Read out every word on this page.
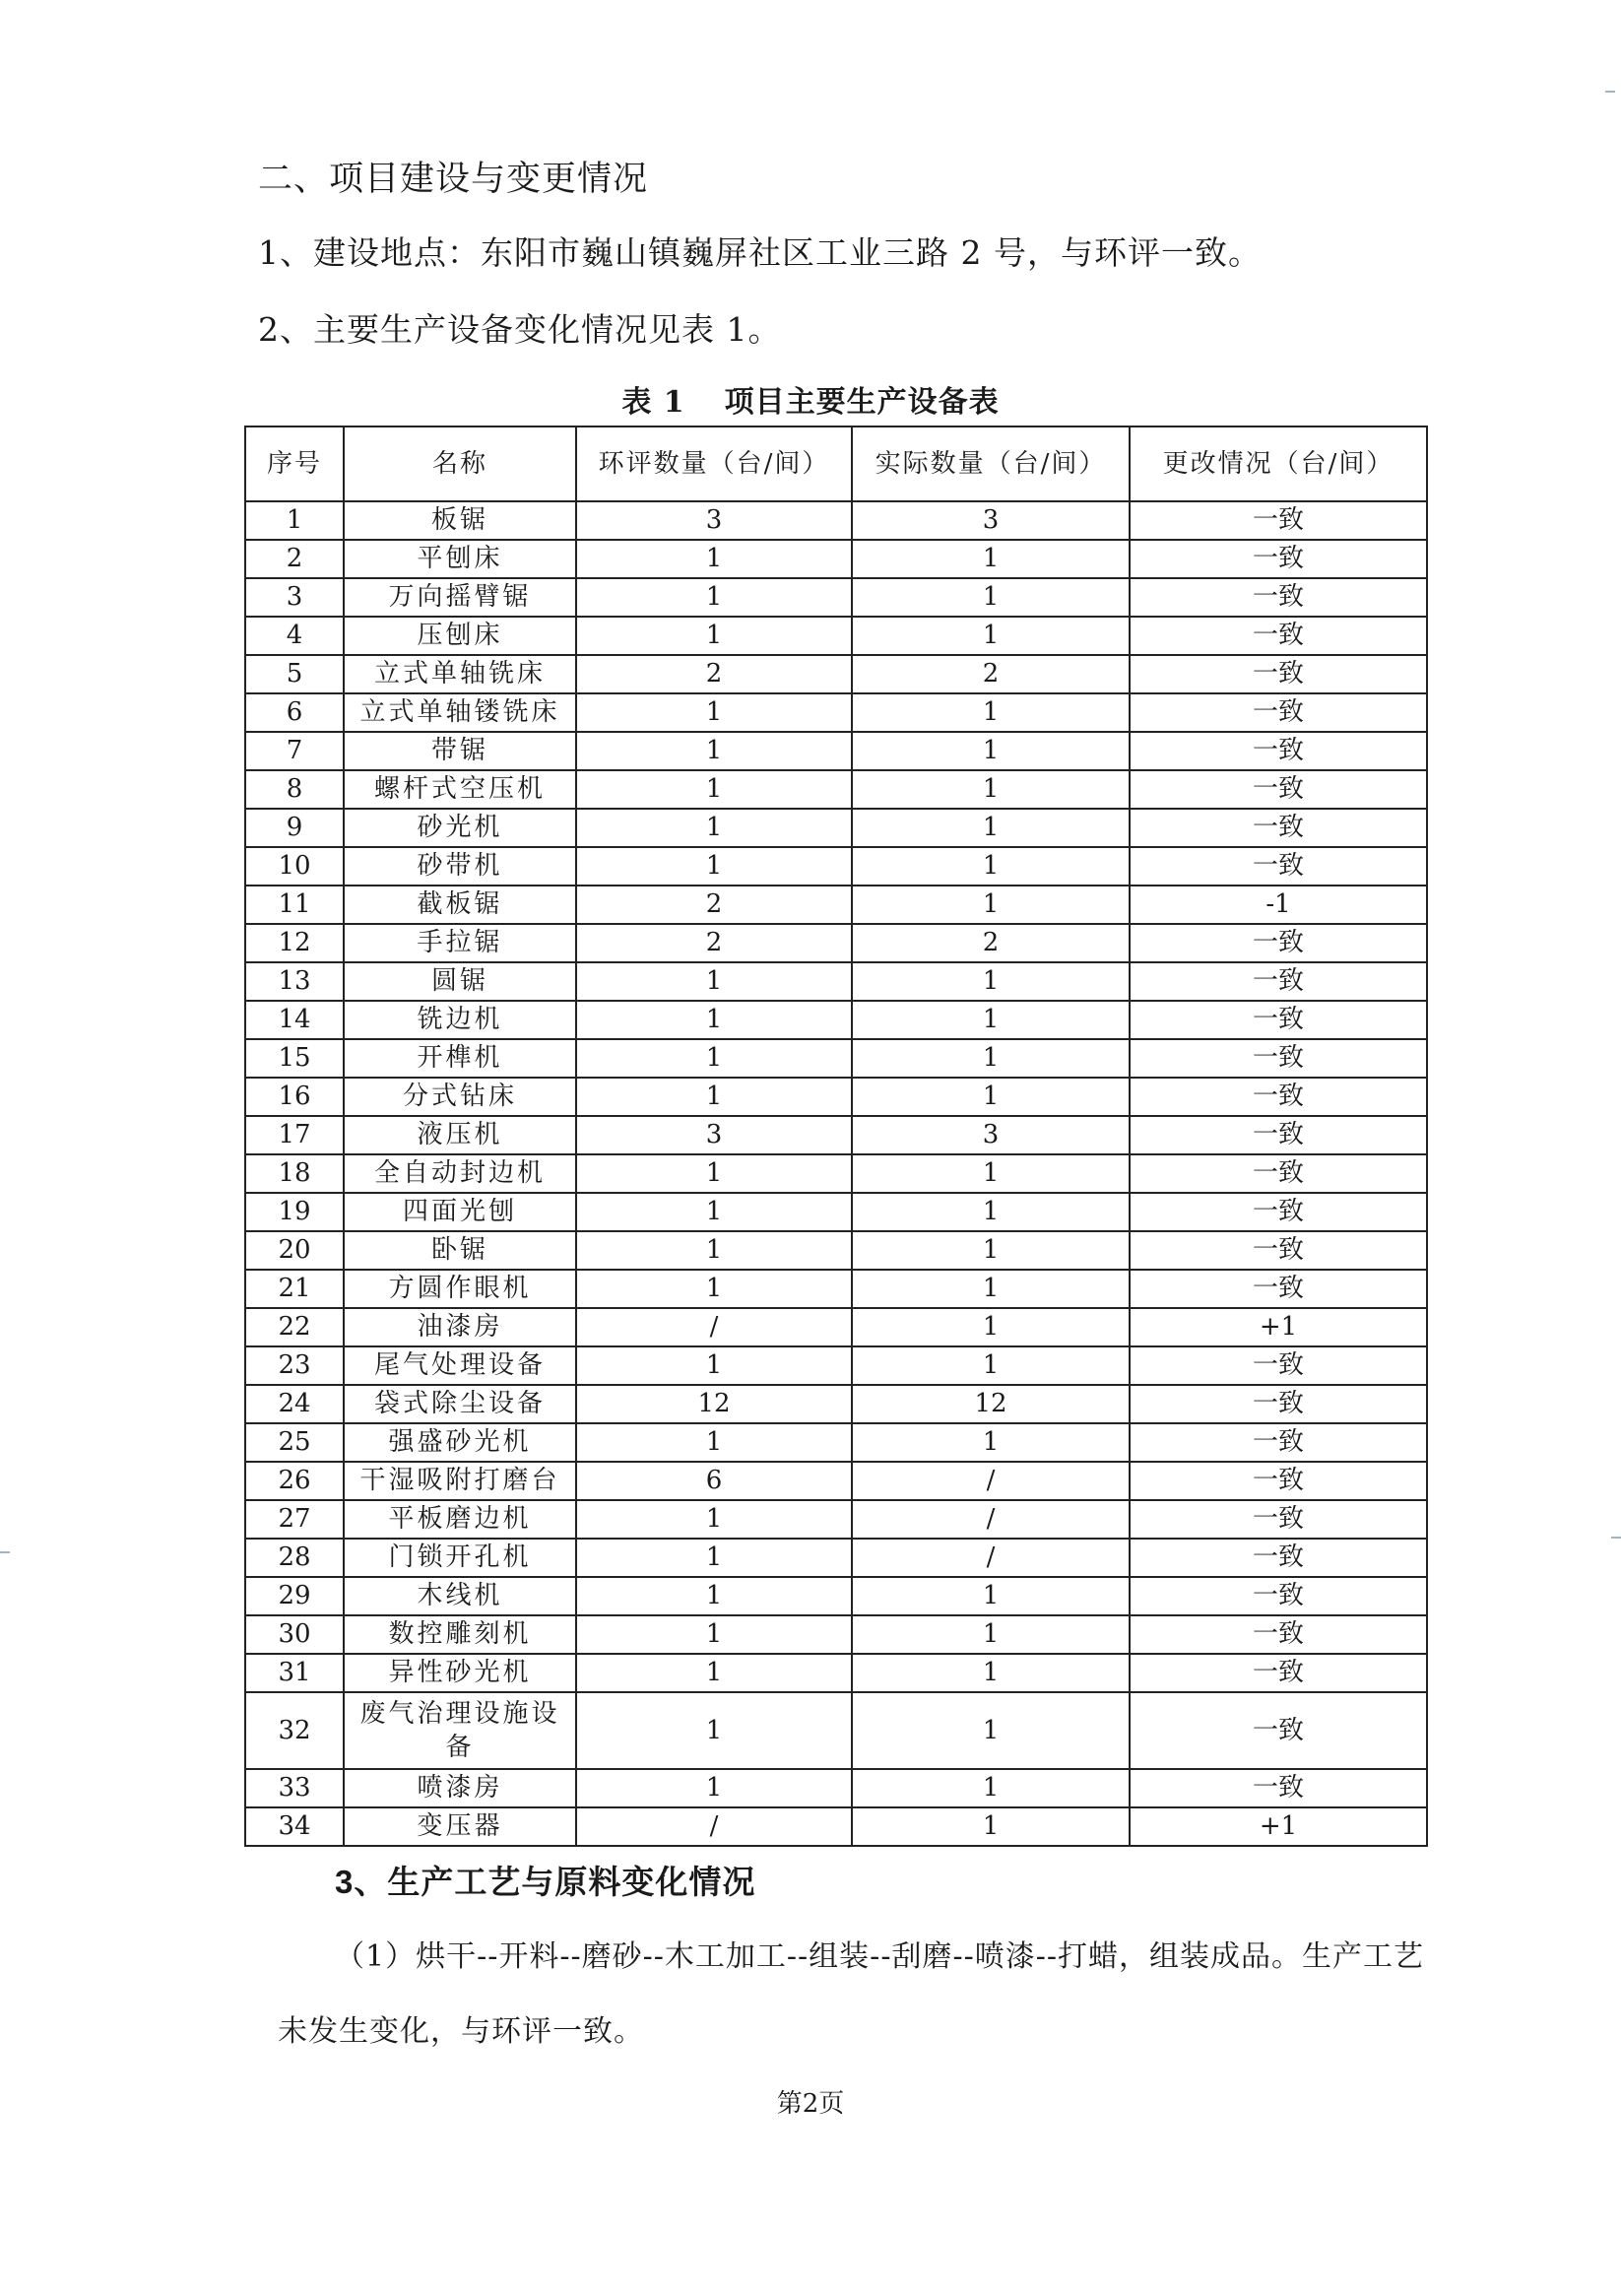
二、项目建设与变更情况
1、建设地点：东阳市巍山镇巍屏社区工业三路 2 号，与环评一致。
2、主要生产设备变化情况见表 1。
表 1 项目主要生产设备表
序号	名称	环评数量（台/间）	实际数量（台/间）	更改情况（台/间）
1	板锯	3	3	一致
2	平刨床	1	1	一致
3	万向摇臂锯	1	1	一致
4	压刨床	1	1	一致
5	立式单轴铣床	2	2	一致
6	立式单轴镂铣床	1	1	一致
7	带锯	1	1	一致
8	螺杆式空压机	1	1	一致
9	砂光机	1	1	一致
10	砂带机	1	1	一致
11	截板锯	2	1	-1
12	手拉锯	2	2	一致
13	圆锯	1	1	一致
14	铣边机	1	1	一致
15	开榫机	1	1	一致
16	分式钻床	1	1	一致
17	液压机	3	3	一致
18	全自动封边机	1	1	一致
19	四面光刨	1	1	一致
20	卧锯	1	1	一致
21	方圆作眼机	1	1	一致
22	油漆房	/	1	+1
23	尾气处理设备	1	1	一致
24	袋式除尘设备	12	12	一致
25	强盛砂光机	1	1	一致
26	干湿吸附打磨台	6	/	一致
27	平板磨边机	1	/	一致
28	门锁开孔机	1	/	一致
29	木线机	1	1	一致
30	数控雕刻机	1	1	一致
31	异性砂光机	1	1	一致
32	废气治理设施设备	1	1	一致
33	喷漆房	1	1	一致
34	变压器	/	1	+1
3、生产工艺与原料变化情况
（1）烘干--开料--磨砂--木工加工--组装--刮磨--喷漆--打蜡，组装成品。生产工艺
未发生变化，与环评一致。
第2页
